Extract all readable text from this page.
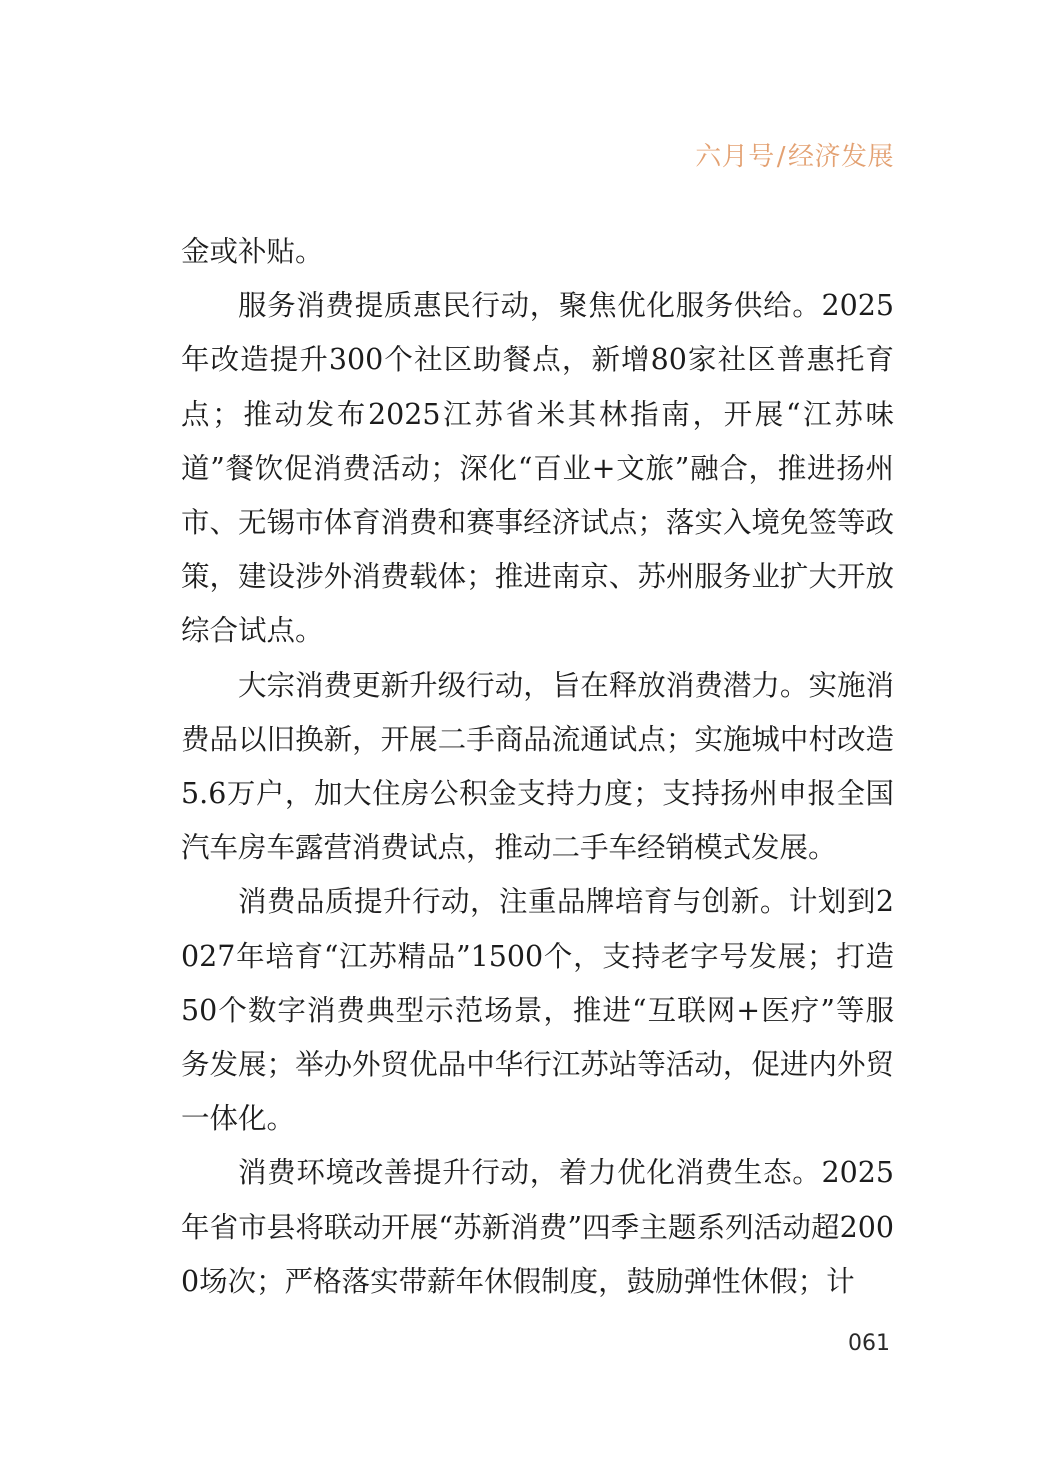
六月号/经济发展

金或补贴。

服务消费提质惠民行动，聚焦优化服务供给。2025年改造提升300个社区助餐点，新增80家社区普惠托育点；推动发布2025江苏省米其林指南，开展“江苏味道”餐饮促消费活动；深化“百业+文旅”融合，推进扬州市、无锡市体育消费和赛事经济试点；落实入境免签等政策，建设涉外消费载体；推进南京、苏州服务业扩大开放综合试点。

大宗消费更新升级行动，旨在释放消费潜力。实施消费品以旧换新，开展二手商品流通试点；实施城中村改造5.6万户，加大住房公积金支持力度；支持扬州申报全国汽车房车露营消费试点，推动二手车经销模式发展。

消费品质提升行动，注重品牌培育与创新。计划到2027年培育“江苏精品”1500个，支持老字号发展；打造50个数字消费典型示范场景，推进“互联网+医疗”等服务发展；举办外贸优品中华行江苏站等活动，促进内外贸一体化。

消费环境改善提升行动，着力优化消费生态。2025年省市县将联动开展“苏新消费”四季主题系列活动超2000场次；严格落实带薪年休假制度，鼓励弹性休假；计

061
